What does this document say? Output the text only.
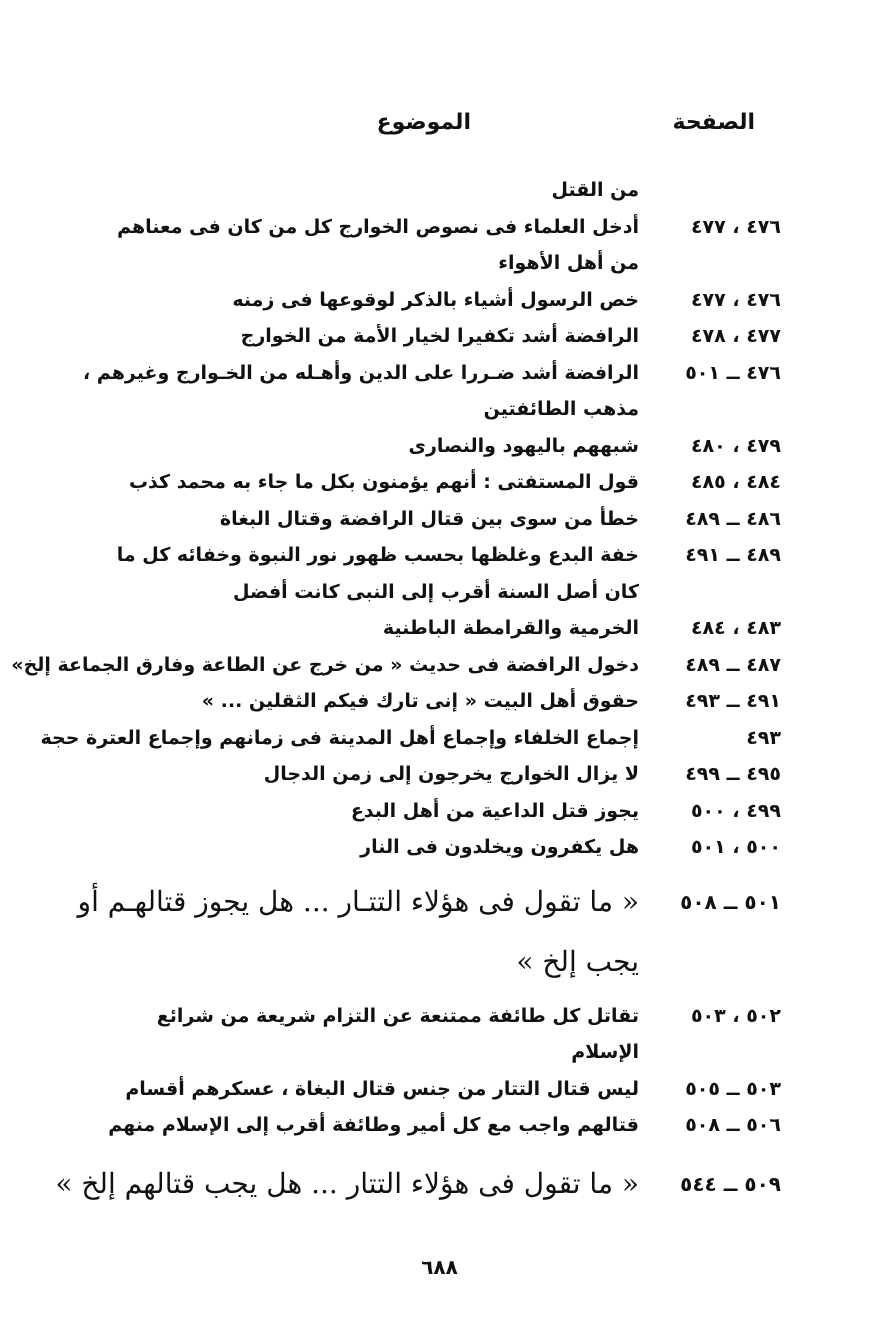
الصفحة
الموضوع
من القتل
٤٧٦ ، ٤٧٧
أدخل العلماء فى نصوص الخوارج كل من كان فى معناهم من أهل الأهواء
٤٧٦ ، ٤٧٧
خص الرسول أشياء بالذكر لوقوعها فى زمنه
٤٧٧ ، ٤٧٨
الرافضة أشد تكفيرا لخيار الأمة من الخوارج
٤٧٦ ــ ٥٠١
الرافضة أشد ضـررا على الدين وأهـله من الخـوارج وغيرهم ، مذهب الطائفتين
٤٧٩ ، ٤٨٠
شبههم باليهود والنصارى
٤٨٤ ، ٤٨٥
قول المستفتى : أنهم يؤمنون بكل ما جاء به محمد كذب
٤٨٦ ــ ٤٨٩
خطأ من سوى بين قتال الرافضة وقتال البغاة
٤٨٩ ــ ٤٩١
خفة البدع وغلظها بحسب ظهور نور النبوة وخفائه كل ما كان أصل السنة أقرب إلى النبى كانت أفضل
٤٨٣ ، ٤٨٤
الخرمية والقرامطة الباطنية
٤٨٧ ــ ٤٨٩
دخول الرافضة فى حديث « من خرج عن الطاعة وفارق الجماعة إلخ»
٤٩١ ــ ٤٩٣
حقوق أهل البيت « إنى تارك فيكم الثقلين ... »
٤٩٣
إجماع الخلفاء وإجماع أهل المدينة فى زمانهم وإجماع العترة حجة
٤٩٥ ــ ٤٩٩
لا يزال الخوارج يخرجون إلى زمن الدجال
٤٩٩ ، ٥٠٠
يجوز قتل الداعية من أهل البدع
٥٠٠ ، ٥٠١
هل يكفرون ويخلدون فى النار
٥٠١ ــ ٥٠٨
« ما تقول فى هؤلاء التتـار ... هل يجوز قتالهـم أو يجب إلخ »
٥٠٢ ، ٥٠٣
تقاتل كل طائفة ممتنعة عن التزام شريعة من شرائع الإسلام
٥٠٣ ــ ٥٠٥
ليس قتال التتار من جنس قتال البغاة ، عسكرهم أقسام
٥٠٦ ــ ٥٠٨
قتالهم واجب مع كل أمير وطائفة أقرب إلى الإسلام منهم
٥٠٩ ــ ٥٤٤
« ما تقول فى هؤلاء التتار ... هل يجب قتالهم إلخ »
٦٨٨
